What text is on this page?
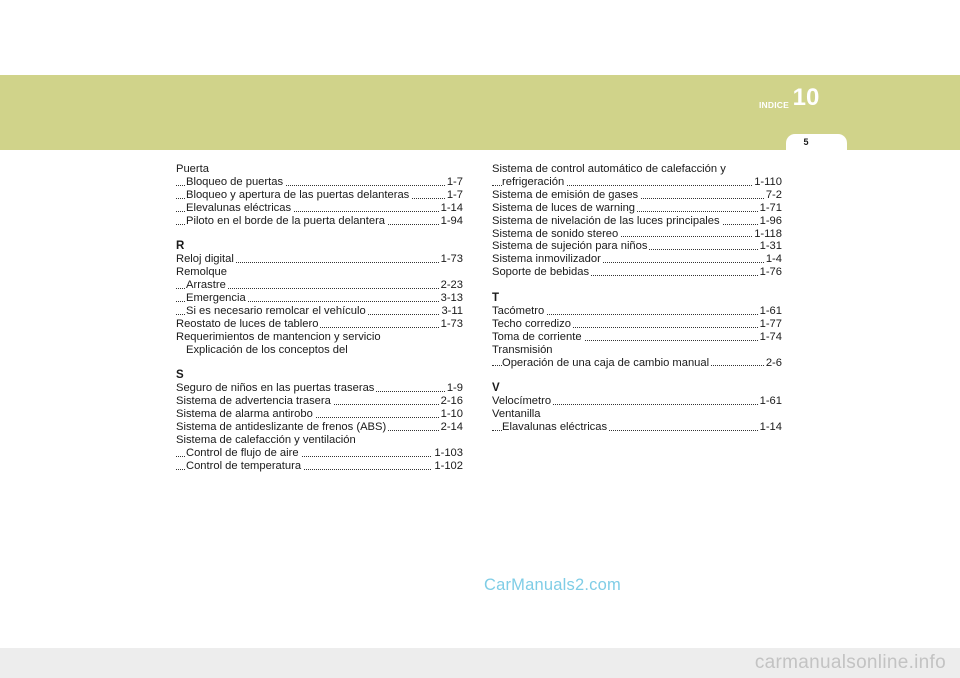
INDICE 10
5
Puerta
Bloqueo de puertas	1-7
Bloqueo y apertura de las puertas delanteras	1-7
Elevalunas eléctricas	1-14
Piloto en el borde de la puerta delantera	1-94
R
Reloj digital	1-73
Remolque
Arrastre	2-23
Emergencia	3-13
Si es necesario remolcar el vehículo	3-11
Reostato de luces de tablero	1-73
Requerimientos de mantencion y servicio
Explicación de los conceptos del
S
Seguro de niños en las puertas traseras	1-9
Sistema de advertencia trasera	2-16
Sistema de alarma antirobo	1-10
Sistema de antideslizante de frenos (ABS)	2-14
Sistema de calefacción y ventilación
Control de flujo de aire	1-103
Control de temperatura	1-102
Sistema de control automático de calefacción y
refrigeración	1-110
Sistema de emisión de gases	7-2
Sistema de luces de warning	1-71
Sistema de nivelación de las luces principales	1-96
Sistema de sonido stereo	1-118
Sistema de sujeción para niños	1-31
Sistema inmovilizador	1-4
Soporte de bebidas	1-76
T
Tacómetro	1-61
Techo corredizo	1-77
Toma de corriente	1-74
Transmisión
Operación de una caja de cambio manual	2-6
V
Velocímetro	1-61
Ventanilla
Elavalunas eléctricas	1-14
CarManuals2.com
carmanualsonline.info
